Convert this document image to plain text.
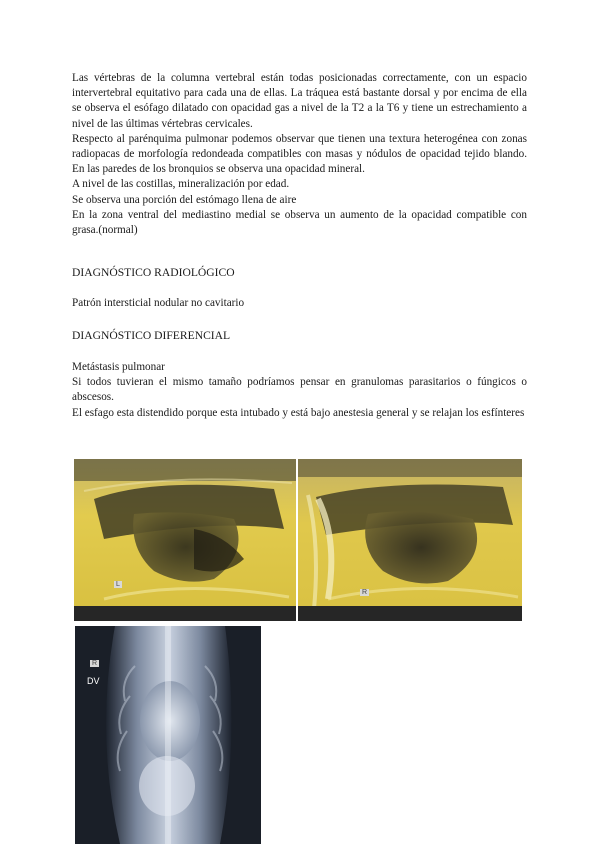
Las vértebras de la columna vertebral están todas posicionadas correctamente, con un espacio intervertebral equitativo para cada una de ellas. La tráquea está bastante dorsal y por encima de ella se observa el esófago dilatado con opacidad gas a nivel de la T2 a la T6 y tiene un estrechamiento a nivel de las últimas vértebras cervicales.

Respecto al parénquima pulmonar podemos observar que tienen una textura heterogénea con zonas radiopacas de morfología redondeada compatibles con masas y nódulos de opacidad tejido blando. En las paredes de los bronquios se observa una opacidad mineral.

A nivel de las costillas, mineralización por edad.

Se observa una porción del estómago llena de aire

En la zona ventral del mediastino medial se observa un aumento de la opacidad compatible con grasa.(normal)

DIAGNÓSTICO RADIOLÓGICO
Patrón intersticial nodular no cavitario
DIAGNÓSTICO DIFERENCIAL

Metástasis pulmonar

Si todos tuvieran el mismo tamaño podríamos pensar en granulomas parasitarios o fúngicos o abscesos.

El esfago esta distendido porque esta intubado y está bajo anestesia general y se relajan los esfínteres

L
R
R
DV
